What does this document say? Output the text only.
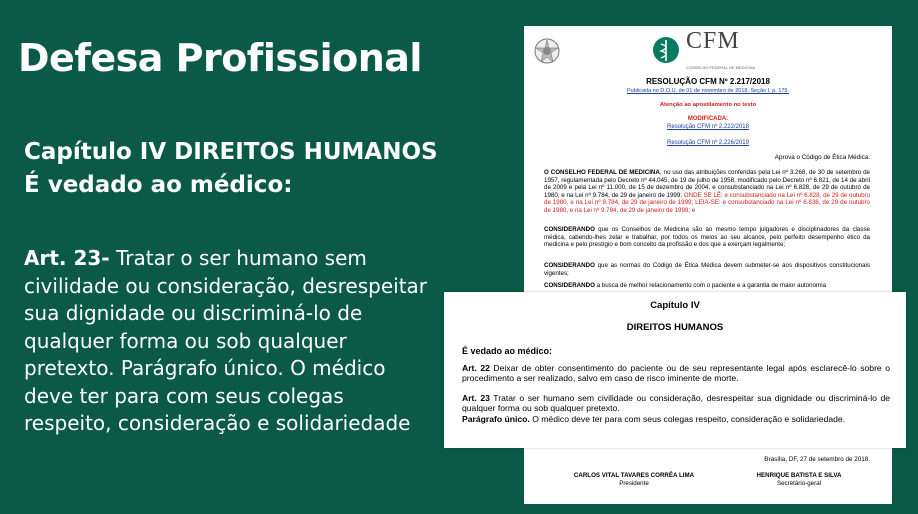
Defesa Profissional
Capítulo IV DIREITOS HUMANOS
É vedado ao médico:
Art. 23- Tratar o ser humano sem civilidade ou consideração, desrespeitar sua dignidade ou discriminá-lo de qualquer forma ou sob qualquer pretexto. Parágrafo único. O médico deve ter para com seus colegas respeito, consideração e solidariedade
CFM
CONSELHO FEDERAL DE MEDICINA
RESOLUÇÃO CFM Nº 2.217/2018
Publicada no D.O.U. de 01 de novembro de 2018, Seção I, p. 179.
Atenção ao apostilamento no texto
MODIFICADA:
Resolução CFM nº 2.222/2018
Resolução CFM nº 2.226/2019
Aprova o Código de Ética Médica.
O CONSELHO FEDERAL DE MEDICINA, no uso das atribuições conferidas pela Lei nº 3.268, de 30 de setembro de 1957, regulamentada pelo Decreto nº 44.045, de 19 de julho de 1958, modificado pelo Decreto nº 6.821, de 14 de abril de 2009 e pela Lei nº 11.000, de 15 de dezembro de 2004, e consubstanciado na Lei nº 6.828, de 29 de outubro de 1980, e na Lei nº 9.784, de 29 de janeiro de 1999; ONDE SE LÊ: e consubstanciado na Lei nº 6.828, de 29 de outubro de 1980, e na Lei nº 9.784, de 29 de janeiro de 1999; LEIA-SE: e consubstanciado na Lei nº 6.838, de 29 de outubro de 1980, e na Lei nº 9.784, de 29 de janeiro de 1999; e
CONSIDERANDO que os Conselhos de Medicina são ao mesmo tempo julgadores e disciplinadores da classe médica, cabendo-lhes zelar e trabalhar, por todos os meios ao seu alcance, pelo perfeito desempenho ético da medicina e pelo prestígio e bom conceito da profissão e dos que a exerçam legalmente;
CONSIDERANDO que as normas do Código de Ética Médica devem submeter-se aos dispositivos constitucionais vigentes;
CONSIDERANDO a busca de melhor relacionamento com o paciente e a garantia de maior autonomia
Brasília, DF, 27 de setembro de 2018.
CARLOS VITAL TAVARES CORRÊA LIMA
Presidente
HENRIQUE BATISTA E SILVA
Secretário-geral
Capítulo IV
DIREITOS HUMANOS
É vedado ao médico:
Art. 22 Deixar de obter consentimento do paciente ou de seu representante legal após esclarecê-lo sobre o procedimento a ser realizado, salvo em caso de risco iminente de morte.
Art. 23 Tratar o ser humano sem civilidade ou consideração, desrespeitar sua dignidade ou discriminá-lo de qualquer forma ou sob qualquer pretexto.
Parágrafo único. O médico deve ter para com seus colegas respeito, consideração e solidariedade.
